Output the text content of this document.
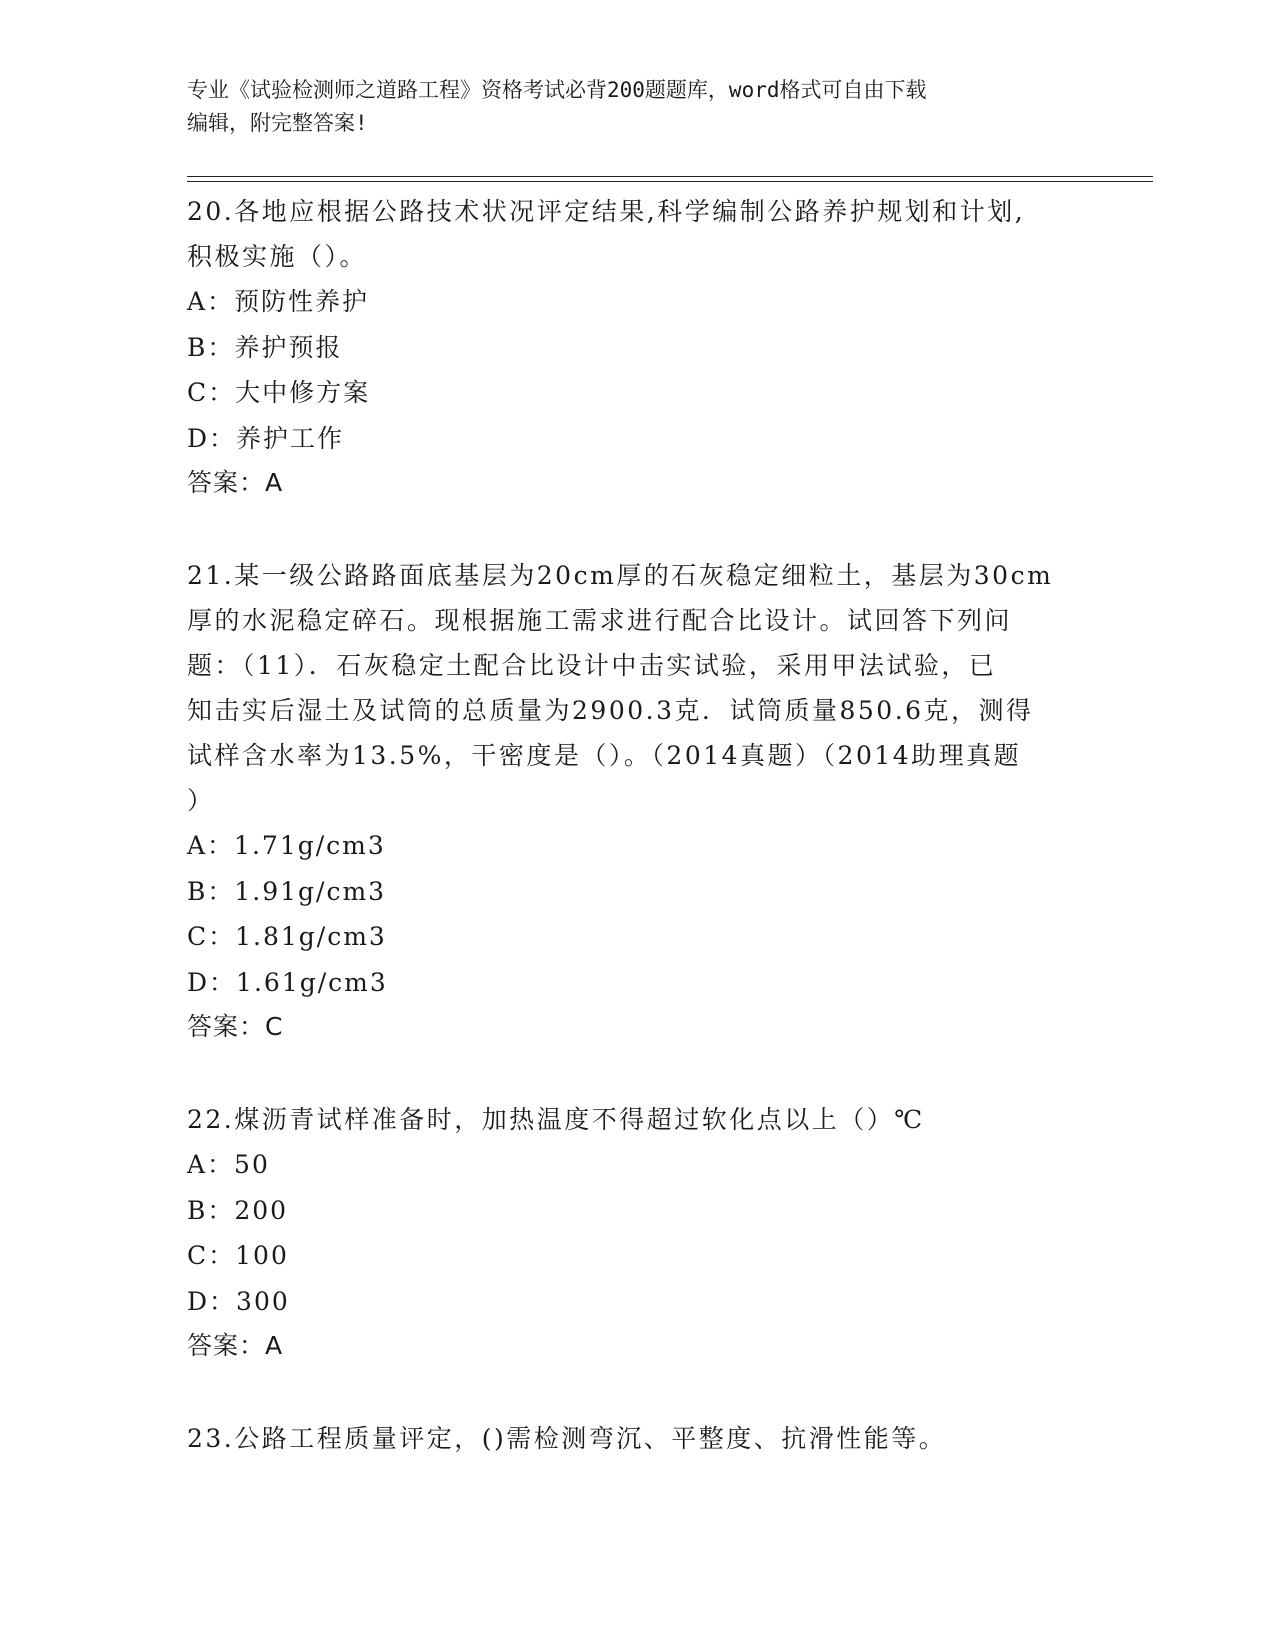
专业《试验检测师之道路工程》资格考试必背200题题库，word格式可自由下载
编辑，附完整答案!

20.各地应根据公路技术状况评定结果,科学编制公路养护规划和计划,

积极实施（）。

A：预防性养护

B：养护预报

C：大中修方案

D：养护工作

答案：A

21.某一级公路路面底基层为20cm厚的石灰稳定细粒土，基层为30cm

厚的水泥稳定碎石。现根据施工需求进行配合比设计。试回答下列问

题：（11）．石灰稳定土配合比设计中击实试验，采用甲法试验，已

知击实后湿土及试筒的总质量为2900.3克．试筒质量850.6克，测得

试样含水率为13.5%，干密度是（）。（2014真题）（2014助理真题

）

A：1.71g/cm3

B：1.91g/cm3

C：1.81g/cm3

D：1.61g/cm3

答案：C

22.煤沥青试样准备时，加热温度不得超过软化点以上（）℃

A：50

B：200

C：100

D：300

答案：A

23.公路工程质量评定，()需检测弯沉、平整度、抗滑性能等。
